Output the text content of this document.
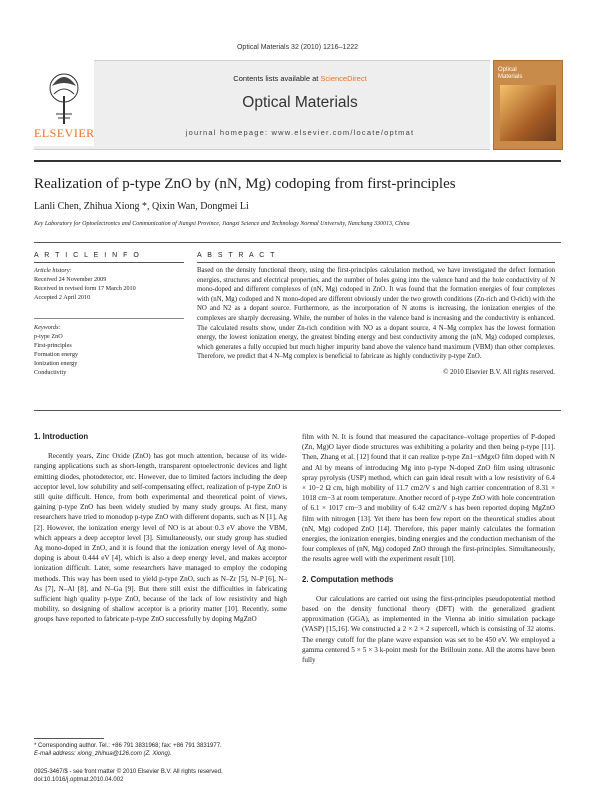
Optical Materials 32 (2010) 1216–1222
ELSEVIER
Contents lists available at ScienceDirect
Optical Materials
journal homepage: www.elsevier.com/locate/optmat
Optical
Materials
Realization of p-type ZnO by (nN, Mg) codoping from first-principles
Lanli Chen, Zhihua Xiong *, Qixin Wan, Dongmei Li
Key Laboratory for Optoelectronics and Communication of Jiangxi Province, Jiangxi Science and Technology Normal University, Nanchang 330013, China
A R T I C L E I N F O	A B S T R A C T
Article history:
Received 24 November 2009
Received in revised form 17 March 2010
Accepted 2 April 2010
Keywords:
p-type ZnO
First-principles
Formation energy
Ionization energy
Conductivity
Based on the density functional theory, using the first-principles calculation method, we have investigated the defect formation energies, structures and electrical properties, and the number of holes going into the valence band and the hole conductivity of N mono-doped and different complexes of (nN, Mg) codoped in ZnO. It was found that the formation energies of four complexes with (nN, Mg) codoped and N mono-doped are different obviously under the two growth conditions (Zn-rich and O-rich) with the NO and N2 as a dopant source. Furthermore, as the incorporation of N atoms is increasing, the ionization energies of the complexes are sharply decreasing. While, the number of holes in the valence band is increasing and the conductivity is enhanced. The calculated results show, under Zn-rich condition with NO as a dopant source, 4 N–Mg complex has the lowest formation energy, the lowest ionization energy, the greatest binding energy and best conductivity among the (nN, Mg) codoped complexes, which generates a fully occupied but much higher impurity band above the valence band maximum (VBM) than other complexes. Therefore, we predict that 4 N–Mg complex is beneficial to fabricate as highly conductivity p-type ZnO.
© 2010 Elsevier B.V. All rights reserved.
1. Introduction

Recently years, Zinc Oxide (ZnO) has got much attention, because of its wide-ranging applications such as short-length, transparent optoelectronic devices and light emitting diodes, photodetector, etc. However, due to limited factors including the deep acceptor level, low solubility and self-compensating effect, realization of p-type ZnO is still quite difficult. Hence, from both experimental and theoretical point of views, gaining p-type ZnO has been widely studied by many study groups. At first, many researchers have tried to monodop p-type ZnO with different dopants, such as N [1], Ag [2]. However, the ionization energy level of NO is at about 0.3 eV above the VBM, which appears a deep acceptor level [3]. Simultaneously, our study group has studied Ag mono-doped in ZnO, and it is found that the ionization energy level of Ag mono-doping is about 0.444 eV [4], which is also a deep energy level, and makes acceptor ionization difficult. Later, some researchers have managed to employ the codoping methods. This way has been used to yield p-type ZnO, such as N–Zr [5], N–P [6], N–As [7], N–Al [8], and N–Ga [9]. But there still exist the difficulties in fabricating sufficient high quality p-type ZnO, because of the lack of low resistivity and high mobility, so designing of shallow acceptor is a priority matter [10]. Recently, some groups have reported to fabricate p-type ZnO successfully by doping MgZnO

film with N. It is found that measured the capacitance–voltage properties of P-doped (Zn, Mg)O layer diode structures was exhibiting a polarity and then being p-type [11]. Then, Zhang et al. [12] found that it can realize p-type Zn1−xMgxO film doped with N and Al by means of introducing Mg into p-type N-doped ZnO film using ultrasonic spray pyrolysis (USP) method, which can gain ideal result with a low resistivity of 6.4 × 10−2 Ω cm, high mobility of 11.7 cm2/V s and high carrier concentration of 8.31 × 1018 cm−3 at room temperature. Another record of p-type ZnO with hole concentration of 6.1 × 1017 cm−3 and mobility of 6.42 cm2/V s has been reported doping MgZnO film with nitrogen [13]. Yet there has been few report on the theoretical studies about (nN, Mg) codoped ZnO [14]. Therefore, this paper mainly calculates the formation energies, the ionization energies, binding energies and the conduction mechanism of the four complexes of (nN, Mg) codoped ZnO through the first-principles. Simultaneously, the results agree well with the experiment result [10].

2. Computation methods

Our calculations are carried out using the first-principles pseudopotential method based on the density functional theory (DFT) with the generalized gradient approximation (GGA), as implemented in the Vienna ab initio simulation package (VASP) [15,16]. We constructed a 2 × 2 × 2 supercell, which is consisting of 32 atoms. The energy cutoff for the plane wave expansion was set to be 450 eV. We employed a gamma centered 5 × 5 × 3 k-point mesh for the Brillouin zone. All the atoms have been fully

* Corresponding author. Tel.: +86 791 3831968; fax: +86 791 3831977.
E-mail address: xiong_zhihua@126.com (Z. Xiong).
0925-3467/$ - see front matter © 2010 Elsevier B.V. All rights reserved.
doi:10.1016/j.optmat.2010.04.002
